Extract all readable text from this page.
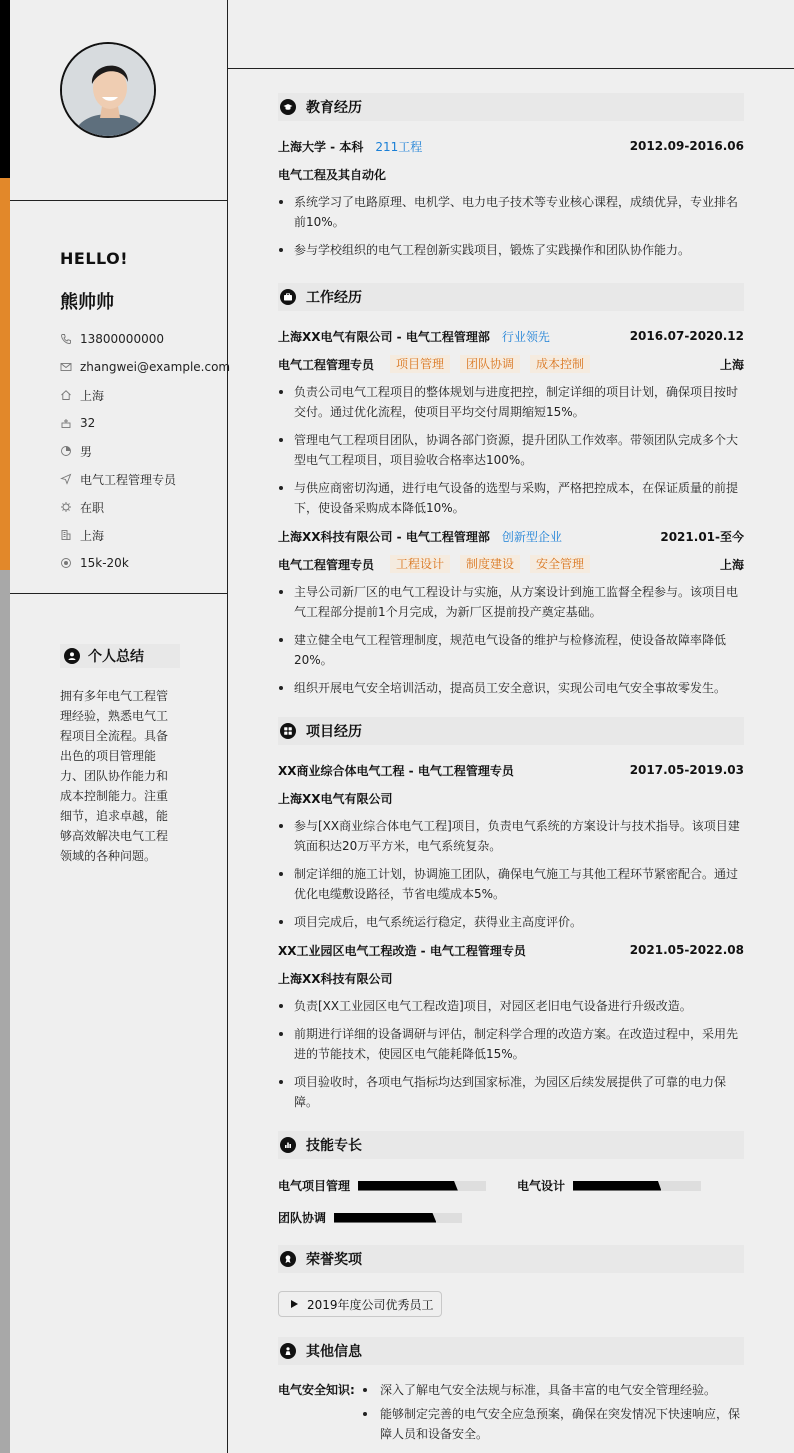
HELLO!
熊帅帅
13800000000
zhangwei@example.com
上海
32
男
电气工程管理专员
在职
上海
15k-20k
个人总结

拥有多年电气工程管理经验，熟悉电气工程项目全流程。具备出色的项目管理能力、团队协作能力和成本控制能力。注重细节，追求卓越，能够高效解决电气工程领域的各种问题。

教育经历
上海大学 - 本科 211工程	2012.09-2016.06
电气工程及其自动化
系统学习了电路原理、电机学、电力电子技术等专业核心课程，成绩优异，专业排名前10%。
参与学校组织的电气工程创新实践项目，锻炼了实践操作和团队协作能力。
工作经历
上海XX电气有限公司 - 电气工程管理部 行业领先	2016.07-2020.12
电气工程管理专员	项目管理	团队协调	成本控制	上海
负责公司电气工程项目的整体规划与进度把控，制定详细的项目计划，确保项目按时交付。通过优化流程，使项目平均交付周期缩短15%。
管理电气工程项目团队，协调各部门资源，提升团队工作效率。带领团队完成多个大型电气工程项目，项目验收合格率达100%。
与供应商密切沟通，进行电气设备的选型与采购，严格把控成本，在保证质量的前提下，使设备采购成本降低10%。
上海XX科技有限公司 - 电气工程管理部 创新型企业	2021.01-至今
电气工程管理专员	工程设计	制度建设	安全管理	上海
主导公司新厂区的电气工程设计与实施，从方案设计到施工监督全程参与。该项目电气工程部分提前1个月完成，为新厂区提前投产奠定基础。
建立健全电气工程管理制度，规范电气设备的维护与检修流程，使设备故障率降低20%。
组织开展电气安全培训活动，提高员工安全意识，实现公司电气安全事故零发生。
项目经历
XX商业综合体电气工程 - 电气工程管理专员	2017.05-2019.03
上海XX电气有限公司
参与[XX商业综合体电气工程]项目，负责电气系统的方案设计与技术指导。该项目建筑面积达20万平方米，电气系统复杂。
制定详细的施工计划，协调施工团队，确保电气施工与其他工程环节紧密配合。通过优化电缆敷设路径，节省电缆成本5%。
项目完成后，电气系统运行稳定，获得业主高度评价。
XX工业园区电气工程改造 - 电气工程管理专员	2021.05-2022.08
上海XX科技有限公司
负责[XX工业园区电气工程改造]项目，对园区老旧电气设备进行升级改造。
前期进行详细的设备调研与评估，制定科学合理的改造方案。在改造过程中，采用先进的节能技术，使园区电气能耗降低15%。
项目验收时，各项电气指标均达到国家标准，为园区后续发展提供了可靠的电力保障。
技能专长
电气项目管理	电气设计
团队协调
荣誉奖项
2019年度公司优秀员工
其他信息
电气安全知识:	深入了解电气安全法规与标准，具备丰富的电气安全管理经验。
能够制定完善的电气安全应急预案，确保在突发情况下快速响应，保障人员和设备安全。
